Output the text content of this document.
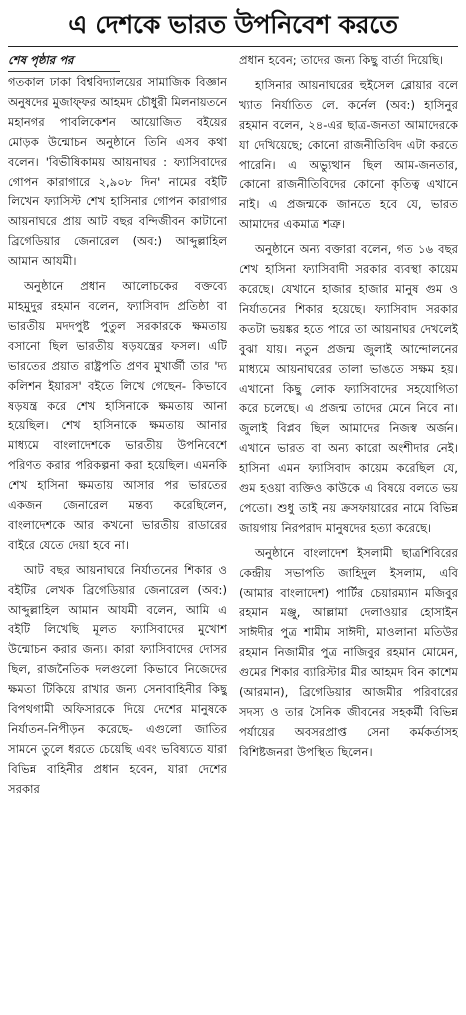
এ দেশকে ভারত উপনিবেশ করতে
শেষ পৃষ্ঠার পর

গতকাল ঢাকা বিশ্ববিদ্যালয়ের সামাজিক বিজ্ঞান অনুষদের মুজাফ্ফর আহমদ চৌধুরী মিলনায়তনে মহানগর পাবলিকেশন আয়োজিত বইয়ের মোড়ক উন্মোচন অনুষ্ঠানে তিনি এসব কথা বলেন। 'বিভীষিকাময় আয়নাঘর : ফ্যাসিবাদের গোপন কারাগারে ২,৯০৮ দিন' নামের বইটি লিখেন ফ্যাসিস্ট শেখ হাসিনার গোপন কারাগার আয়নাঘরে প্রায় আট বছর বন্দিজীবন কাটানো ব্রিগেডিয়ার জেনারেল (অব:) আব্দুল্লাহিল আমান আযমী।

অনুষ্ঠানে প্রধান আলোচকের বক্তব্যে মাহমুদুর রহমান বলেন, ফ্যাসিবাদ প্রতিষ্ঠা বা ভারতীয় মদদপুষ্ট পুতুল সরকারকে ক্ষমতায় বসানো ছিল ভারতীয় ষড়যন্ত্রের ফসল। এটি ভারতের প্রয়াত রাষ্ট্রপতি প্রণব মুখার্জী তার 'দ্য কলিশন ইয়ারস' বইতে লিখে গেছেন- কিভাবে ষড়যন্ত্র করে শেখ হাসিনাকে ক্ষমতায় আনা হয়েছিল। শেখ হাসিনাকে ক্ষমতায় আনার মাধ্যমে বাংলাদেশকে ভারতীয় উপনিবেশে পরিণত করার পরিকল্পনা করা হয়েছিল। এমনকি শেখ হাসিনা ক্ষমতায় আসার পর ভারতের একজন জেনারেল মন্তব্য করেছিলেন, বাংলাদেশকে আর কখনো ভারতীয় রাডারের বাইরে যেতে দেয়া হবে না।

আট বছর আয়নাঘরে নির্যাতনের শিকার ও বইটির লেখক ব্রিগেডিয়ার জেনারেল (অব:) আব্দুল্লাহিল আমান আযমী বলেন, আমি এ বইটি লিখেছি মূলত ফ্যাসিবাদের মুখোশ উন্মোচন করার জন্য। কারা ফ্যাসিবাদের দোসর ছিল, রাজনৈতিক দলগুলো কিভাবে নিজেদের ক্ষমতা টিকিয়ে রাখার জন্য সেনাবাহিনীর কিছু বিপথগামী অফিসারকে দিয়ে দেশের মানুষকে নির্যাতন-নিপীড়ন করেছে- এগুলো জাতির সামনে তুলে ধরতে চেয়েছি এবং ভবিষ্যতে যারা বিভিন্ন বাহিনীর প্রধান হবেন, যারা দেশের সরকার

প্রধান হবেন; তাদের জন্য কিছু বার্তা দিয়েছি।

হাসিনার আয়নাঘরের হুইসেল ব্লোয়ার বলে খ্যাত নির্যাতিত লে. কর্নেল (অব:) হাসিনুর রহমান বলেন, ২৪-এর ছাত্র-জনতা আমাদেরকে যা দেখিয়েছে; কোনো রাজনীতিবিদ এটা করতে পারেনি। এ অভ্যুত্থান ছিল আম-জনতার, কোনো রাজনীতিবিদের কোনো কৃতিত্ব এখানে নাই। এ প্রজন্মকে জানতে হবে যে, ভারত আমাদের একমাত্র শত্রু।

অনুষ্ঠানে অন্য বক্তারা বলেন, গত ১৬ বছর শেখ হাসিনা ফ্যাসিবাদী সরকার ব্যবস্থা কায়েম করেছে। যেখানে হাজার হাজার মানুষ গুম ও নির্যাতনের শিকার হয়েছে। ফ্যাসিবাদ সরকার কতটা ভয়ঙ্কর হতে পারে তা আয়নাঘর দেখলেই বুঝা যায়। নতুন প্রজন্ম জুলাই আন্দোলনের মাধ্যমে আয়নাঘরের তালা ভাঙতে সক্ষম হয়। এখানো কিছু লোক ফ্যাসিবাদের সহযোগিতা করে চলেছে। এ প্রজন্ম তাদের মেনে নিবে না। জুলাই বিপ্লব ছিল আমাদের নিজস্ব অর্জন। এখানে ভারত বা অন্য কারো অংশীদার নেই। হাসিনা এমন ফ্যাসিবাদ কায়েম করেছিল যে, গুম হওয়া ব্যক্তিও কাউকে এ বিষয়ে বলতে ভয় পেতো। শুধু তাই নয় ক্রসফায়ারের নামে বিভিন্ন জায়গায় নিরপরাদ মানুষদের হত্যা করেছে।

অনুষ্ঠানে বাংলাদেশ ইসলামী ছাত্রশিবিরের কেন্দ্রীয় সভাপতি জাহিদুল ইসলাম, এবি (আমার বাংলাদেশ) পার্টির চেয়ারম্যান মজিবুর রহমান মঞ্জু, আল্লামা দেলাওয়ার হোসাইন সাঈদীর পুত্র শামীম সাঈদী, মাওলানা মতিউর রহমান নিজামীর পুত্র নাজিবুর রহমান মোমেন, গুমের শিকার ব্যারিস্টার মীর আহমদ বিন কাশেম (আরমান), ব্রিগেডিয়ার আজমীর পরিবারের সদস্য ও তার সৈনিক জীবনের সহকর্মী বিভিন্ন পর্যায়ের অবসরপ্রাপ্ত সেনা কর্মকর্তাসহ বিশিষ্টজনরা উপস্থিত ছিলেন।
